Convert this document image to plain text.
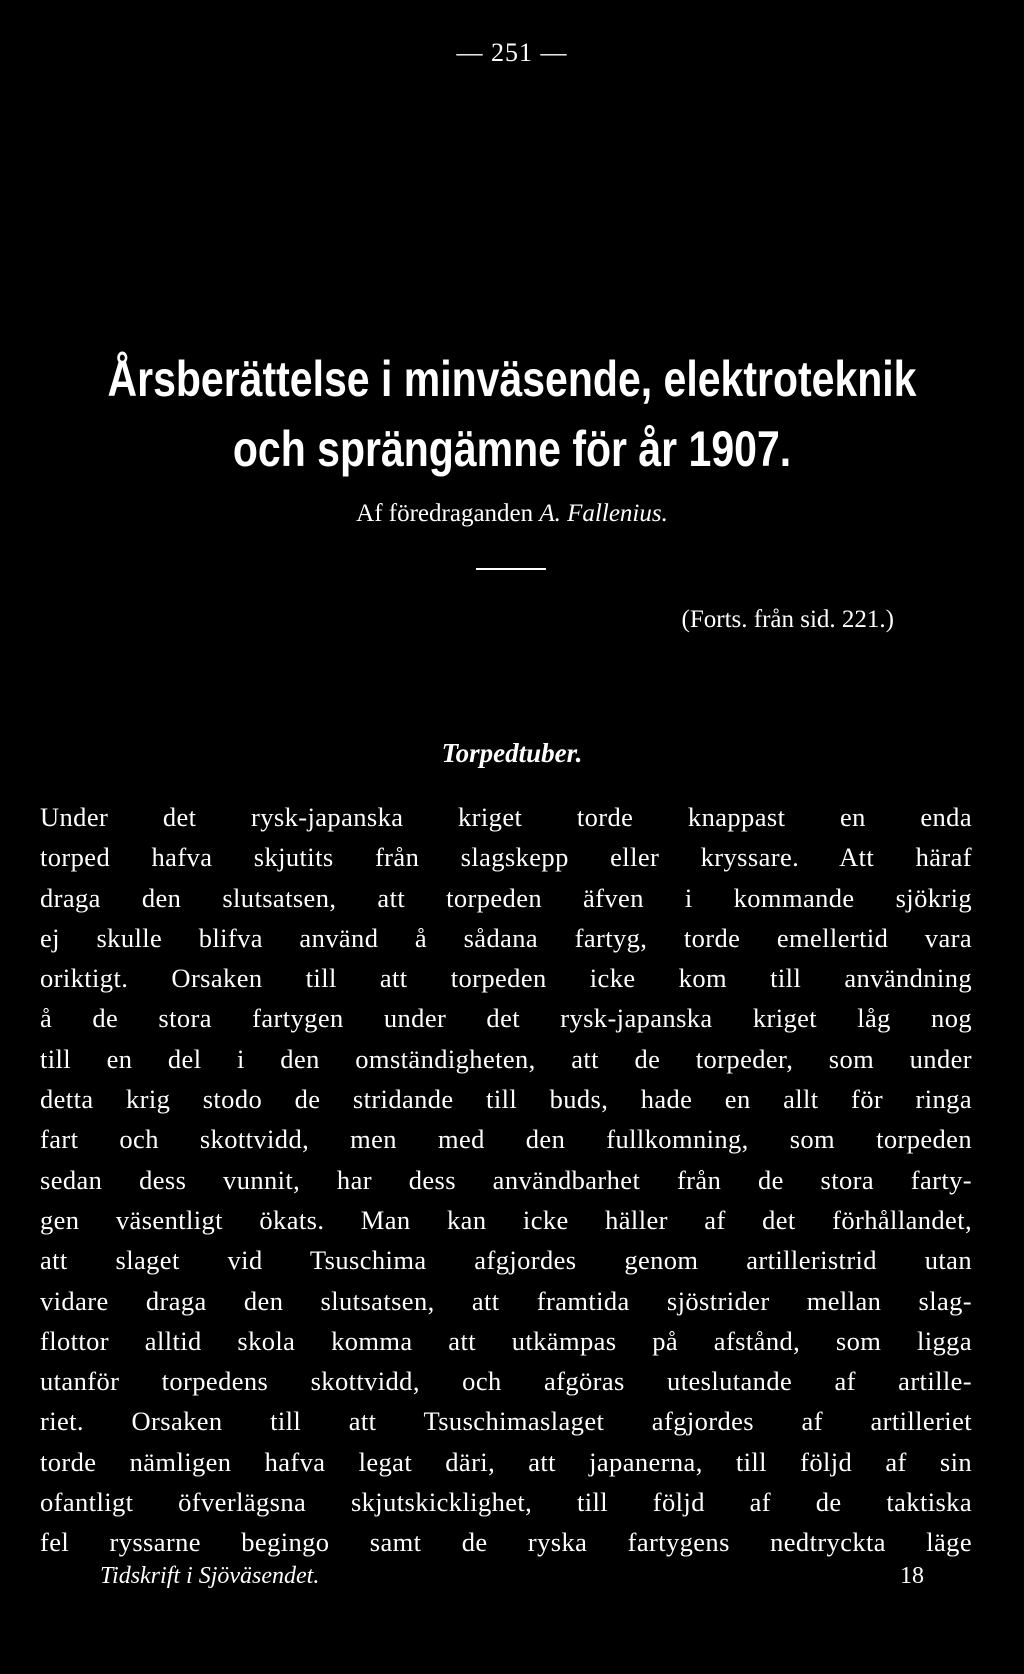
— 251 —
Årsberättelse i minväsende, elektroteknik
och sprängämne för år 1907.
Af föredraganden A. Fallenius.
(Forts. från sid. 221.)
Torpedtuber.
Under det rysk-japanska kriget torde knappast en enda
torped hafva skjutits från slagskepp eller kryssare. Att häraf
draga den slutsatsen, att torpeden äfven i kommande sjökrig
ej skulle blifva använd å sådana fartyg, torde emellertid vara
oriktigt. Orsaken till att torpeden icke kom till användning
å de stora fartygen under det rysk-japanska kriget låg nog
till en del i den omständigheten, att de torpeder, som under
detta krig stodo de stridande till buds, hade en allt för ringa
fart och skottvidd, men med den fullkomning, som torpeden
sedan dess vunnit, har dess användbarhet från de stora farty-
gen väsentligt ökats. Man kan icke häller af det förhållandet,
att slaget vid Tsuschima afgjordes genom artilleristrid utan
vidare draga den slutsatsen, att framtida sjöstrider mellan slag-
flottor alltid skola komma att utkämpas på afstånd, som ligga
utanför torpedens skottvidd, och afgöras uteslutande af artille-
riet. Orsaken till att Tsuschimaslaget afgjordes af artilleriet
torde nämligen hafva legat däri, att japanerna, till följd af sin
ofantligt öfverlägsna skjutskicklighet, till följd af de taktiska
fel ryssarne begingo samt de ryska fartygens nedtryckta läge
Tidskrift i Sjöväsendet.	18
